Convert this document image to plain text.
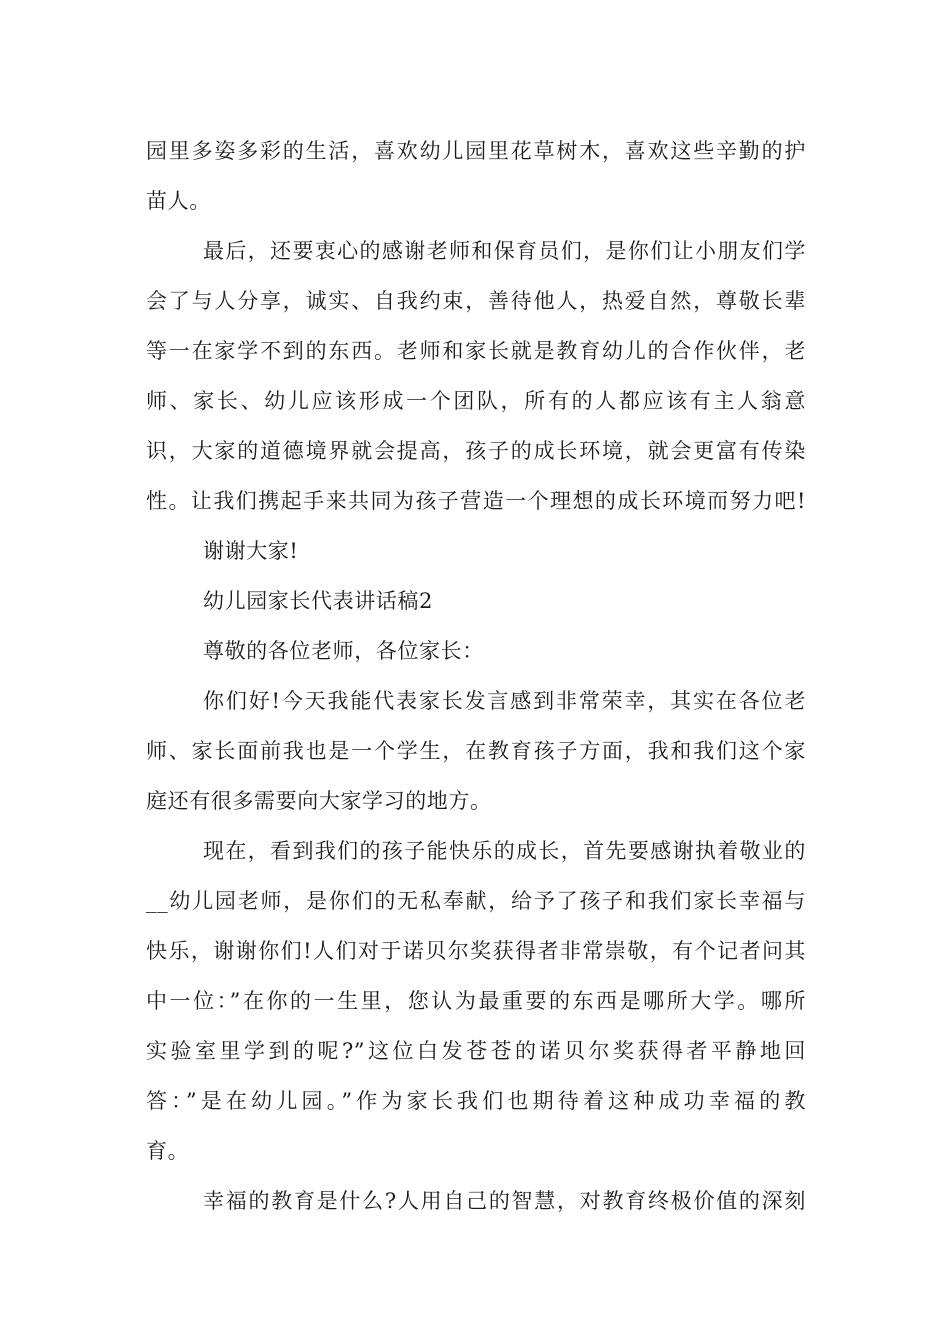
园里多姿多彩的生活，喜欢幼儿园里花草树木，喜欢这些辛勤的护
苗人。
最后，还要衷心的感谢老师和保育员们，是你们让小朋友们学
会了与人分享，诚实、自我约束，善待他人，热爱自然，尊敬长辈
等一在家学不到的东西。老师和家长就是教育幼儿的合作伙伴，老
师、家长、幼儿应该形成一个团队，所有的人都应该有主人翁意
识，大家的道德境界就会提高，孩子的成长环境，就会更富有传染
性。让我们携起手来共同为孩子营造一个理想的成长环境而努力吧!
谢谢大家!
幼儿园家长代表讲话稿2
尊敬的各位老师，各位家长：
你们好!今天我能代表家长发言感到非常荣幸，其实在各位老
师、家长面前我也是一个学生，在教育孩子方面，我和我们这个家
庭还有很多需要向大家学习的地方。
现在，看到我们的孩子能快乐的成长，首先要感谢执着敬业的
__幼儿园老师，是你们的无私奉献，给予了孩子和我们家长幸福与
快乐，谢谢你们!人们对于诺贝尔奖获得者非常崇敬，有个记者问其
中一位：”在你的一生里，您认为最重要的东西是哪所大学。哪所
实验室里学到的呢?”这位白发苍苍的诺贝尔奖获得者平静地回
答：”是在幼儿园。”作为家长我们也期待着这种成功幸福的教
育。
幸福的教育是什么?人用自己的智慧，对教育终极价值的深刻
